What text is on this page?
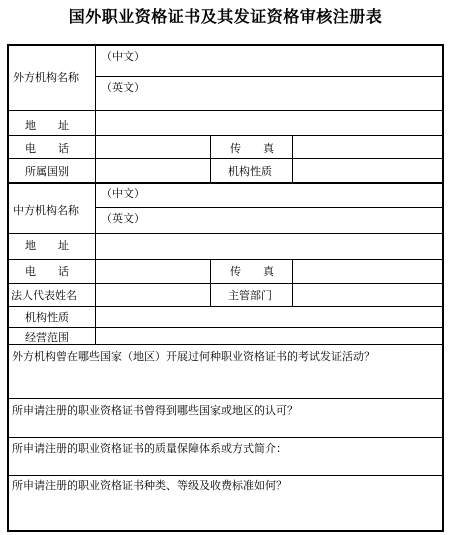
国外职业资格证书及其发证资格审核注册表
外方机构名称
（中文）
（英文）
地　　址
电　　话	传　　真
所属国别	机构性质
中方机构名称
（中文）
（英文）
地　　址
电　　话	传　　真
法人代表姓名	主管部门
机构性质
经营范围
外方机构曾在哪些国家（地区）开展过何种职业资格证书的考试发证活动？
所申请注册的职业资格证书曾得到哪些国家或地区的认可？
所申请注册的职业资格证书的质量保障体系或方式简介：
所申请注册的职业资格证书种类、等级及收费标准如何？
